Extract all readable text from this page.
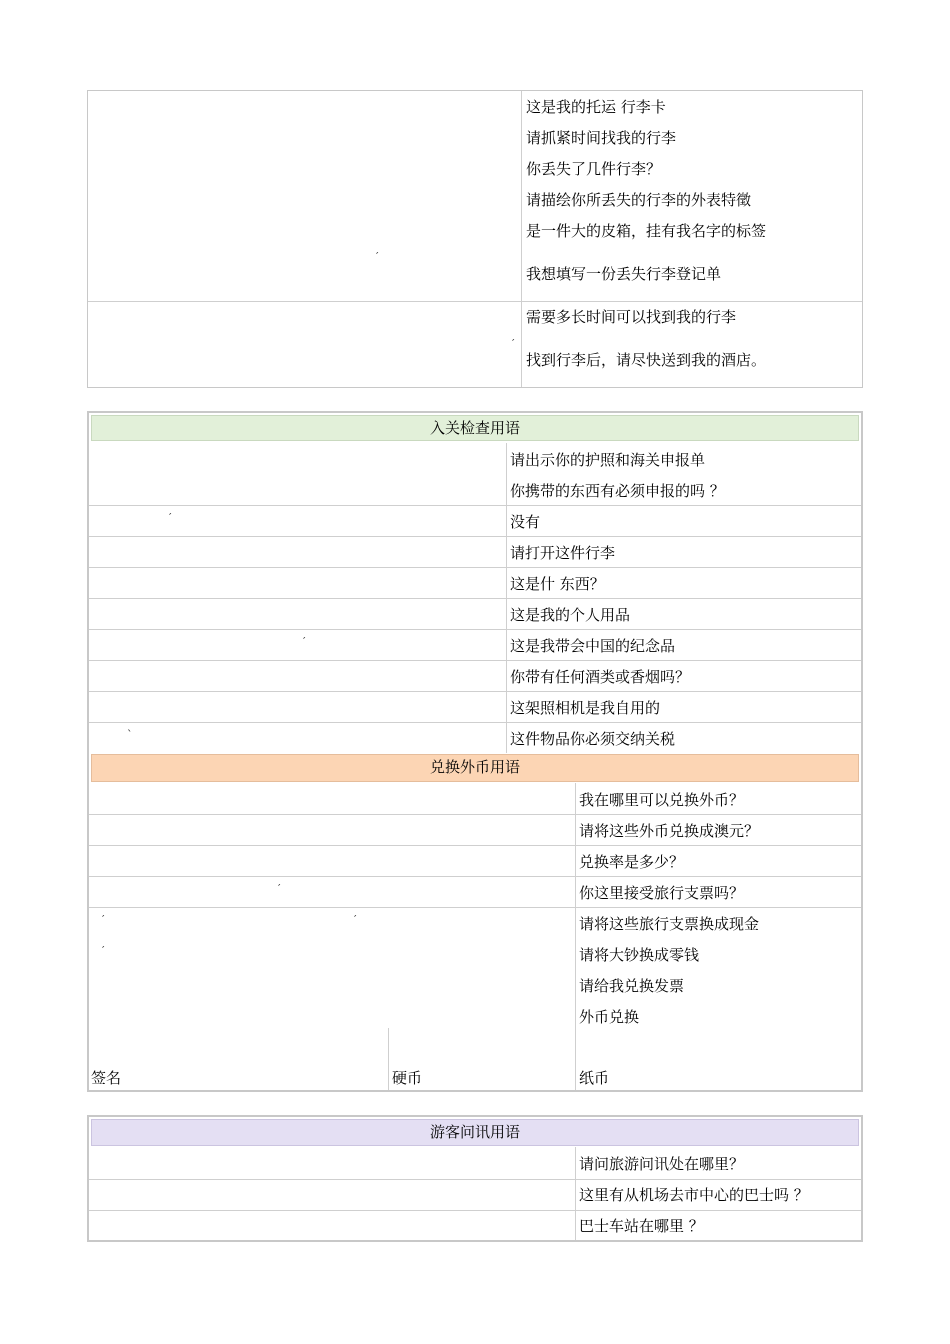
这是我的托运 行李卡
请抓紧时间找我的行李
你丢失了几件行李？
请描绘你所丢失的行李的外表特徵
是一件大的皮箱，挂有我名字的标签
我想填写一份丢失行李登记单
需要多长时间可以找到我的行李
找到行李后，请尽快送到我的酒店。
′
′
入关检查用语
请出示你的护照和海关申报单
你携带的东西有必须申报的吗 ？
没有
请打开这件行李
这是什 东西？
这是我的个人用品
这是我带会中国的纪念品
你带有任何酒类或香烟吗？
这架照相机是我自用的
这件物品你必须交纳关税
′
′
ˋ
兑换外币用语
我在哪里可以兑换外币？
请将这些外币兑换成澳元？
兑换率是多少？
你这里接受旅行支票吗？
请将这些旅行支票换成现金
请将大钞换成零钱
请给我兑换发票
外币兑换
签名	硬币	纸币
′
′	′
′
游客问讯用语
请问旅游问讯处在哪里？
这里有从机场去市中心的巴士吗 ？
巴士车站在哪里 ？
